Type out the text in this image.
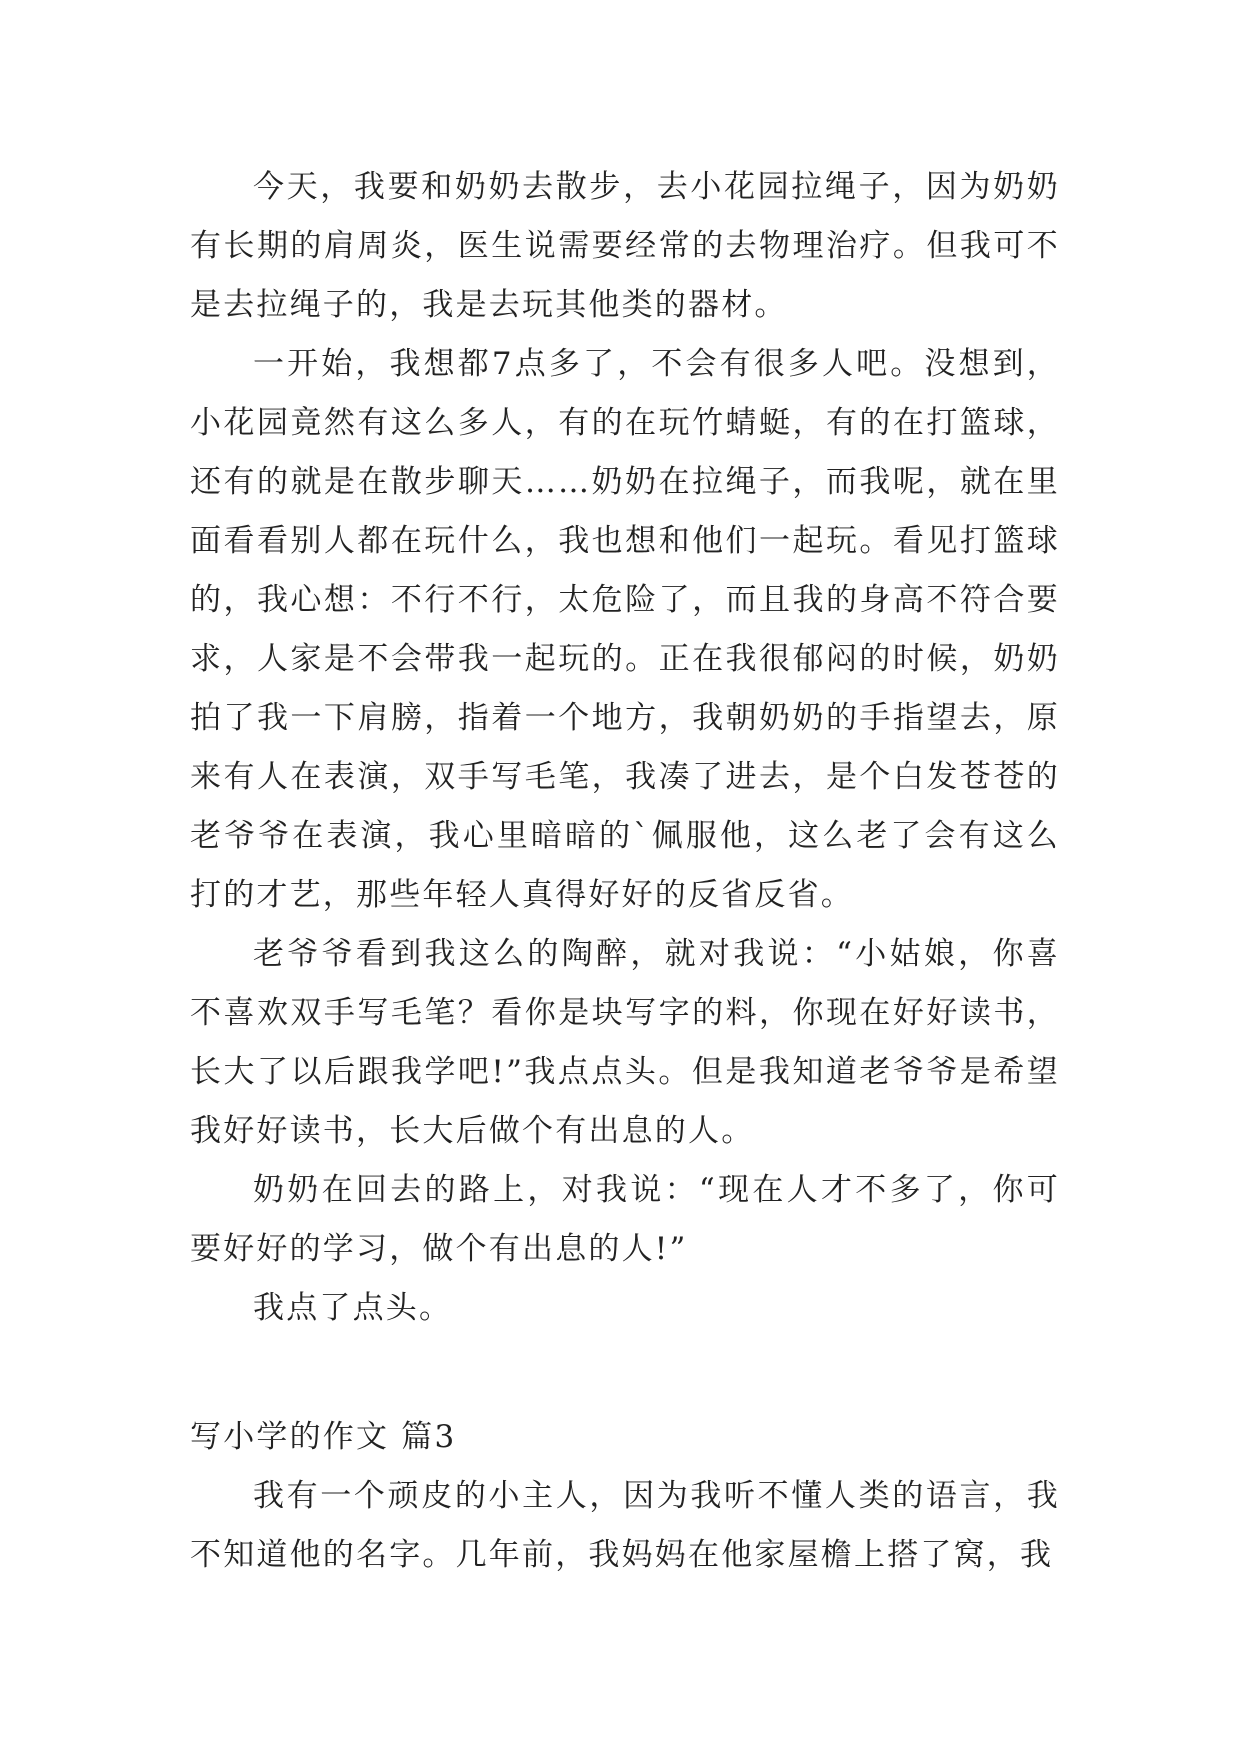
今天，我要和奶奶去散步，去小花园拉绳子，因为奶奶有长期的肩周炎，医生说需要经常的去物理治疗。但我可不是去拉绳子的，我是去玩其他类的器材。

一开始，我想都7点多了，不会有很多人吧。没想到，小花园竟然有这么多人，有的在玩竹蜻蜓，有的在打篮球，还有的就是在散步聊天……奶奶在拉绳子，而我呢，就在里面看看别人都在玩什么，我也想和他们一起玩。看见打篮球的，我心想：不行不行，太危险了，而且我的身高不符合要求，人家是不会带我一起玩的。正在我很郁闷的时候，奶奶拍了我一下肩膀，指着一个地方，我朝奶奶的手指望去，原来有人在表演，双手写毛笔，我凑了进去，是个白发苍苍的老爷爷在表演，我心里暗暗的`佩服他，这么老了会有这么打的才艺，那些年轻人真得好好的反省反省。

老爷爷看到我这么的陶醉，就对我说：“小姑娘，你喜不喜欢双手写毛笔？看你是块写字的料，你现在好好读书，长大了以后跟我学吧!”我点点头。但是我知道老爷爷是希望我好好读书，长大后做个有出息的人。

奶奶在回去的路上，对我说：“现在人才不多了，你可要好好的学习，做个有出息的人!”

我点了点头。

写小学的作文 篇3

我有一个顽皮的小主人，因为我听不懂人类的语言，我不知道他的名字。几年前，我妈妈在他家屋檐上搭了窝，我
